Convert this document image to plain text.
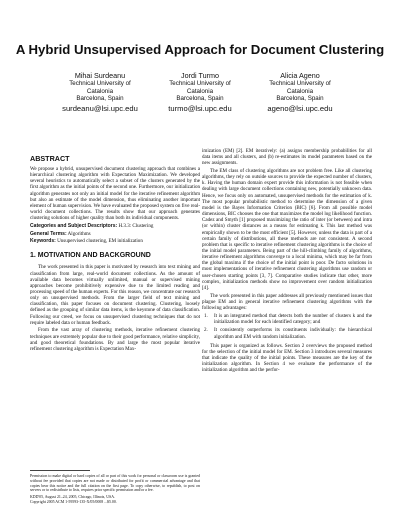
A Hybrid Unsupervised Approach for Document Clustering
Mihai Surdeanu
Technical University of
Catalonia
Barcelona, Spain
surdeanu@lsi.upc.edu
Jordi Turmo
Technical University of
Catalonia
Barcelona, Spain
turmo@lsi.upc.edu
Alicia Ageno
Technical University of
Catalonia
Barcelona, Spain
ageno@lsi.upc.edu
ABSTRACT

We propose a hybrid, unsupervised document clustering approach that combines a hierarchical clustering algorithm with Expectation Maximization. We developed several heuristics to automatically select a subset of the clusters generated by the first algorithm as the initial points of the second one. Furthermore, our initialization algorithm generates not only an initial model for the iterative refinement algorithm but also an estimate of the model dimension, thus eliminating another important element of human supervision. We have evaluated the proposed system on five real-world document collections. The results show that our approach generates clustering solutions of higher quality than both its individual components.

Categories and Subject Descriptors: H.3.3: Clustering

General Terms: Algorithms

Keywords: Unsupervised clustering, EM initialization

1. MOTIVATION AND BACKGROUND

The work presented in this paper is motivated by research into text mining and classification from large, real-world document collections. As the amount of available data becomes virtually unlimited, manual or supervised mining approaches become prohibitively expensive due to the limited reading and processing speed of the human experts. For this reason, we concentrate our research only on unsupervised methods. From the larger field of text mining and classification, this paper focuses on document clustering. Clustering, loosely defined as the grouping of similar data items, is the keystone of data classification. Following our creed, we focus on unsupervised clustering techniques that do not require labeled data or human feedback.

From the vast array of clustering methods, iterative refinement clustering techniques are extremely popular due to their good performance, relative simplicity, and good theoretical foundations. By and large the most popular iterative refinement clustering algorithm is Expectation Max-

Permission to make digital or hard copies of all or part of this work for personal or classroom use is granted without fee provided that copies are not made or distributed for profit or commercial advantage and that copies bear this notice and the full citation on the first page. To copy otherwise, to republish, to post on servers or to redistribute to lists, requires prior specific permission and/or a fee.
KDD'05, August 21–24, 2005, Chicago, Illinois, USA.
Copyright 2005 ACM 1-59593-135-X/05/0008 ...$5.00.

imization (EM) [2]. EM iteratively: (a) assigns membership probabilities for all data items and all clusters, and (b) re-estimates its model parameters based on the new assignments.

The EM class of clustering algorithms are not problem free. Like all clustering algorithms, they rely on outside sources to provide the expected number of clusters, k. Having the human domain expert provide this information is not feasible when dealing with large document collections containing new, potentially unknown data. Hence, we focus only on automated, unsupervised methods for the estimation of k. The most popular probabilistic method to determine the dimension of a given model is the Bayes Information Criterion (BIC) [6]. From all possible model dimensions, BIC chooses the one that maximizes the model log likelihood function. Cadez and Smyth [1] proposed maximizing the ratio of inter (or between) and intra (or within) cluster distances as a means for estimating k. This last method was empirically shown to be the most efficient [5]. However, unless the data is part of a certain family of distributions, all these methods are not consistent. A second problem that is specific to iterative refinement clustering algorithms is the choice of the initial model parameters. Being part of the hill-climbing family of algorithms, iterative refinement algorithms converge to a local minima, which may be far from the global maxima if the choice of the initial point is poor. De facto solutions in most implementations of iterative refinement clustering algorithms use random or user-chosen starting points [3, 7]. Comparative studies indicate that other, more complex, initialization methods show no improvement over random initialization [4].

The work presented in this paper addresses all previously mentioned issues that plague EM and in general iterative refinement clustering algorithms with the following advantages:

1. It is an integrated method that detects both the number of clusters k and the initialization model for each identified category; and
2. It consistently outperforms its constituents individually: the hierarchical algorithm and EM with random initialization.

This paper is organized as follows. Section 2 overviews the proposed method for the selection of the initial model for EM. Section 3 introduces several measures that indicate the quality of the initial points. These measures are the key of the initialization algorithm. In Section 4 we evaluate the performance of the initialization algorithm and the perfor-
